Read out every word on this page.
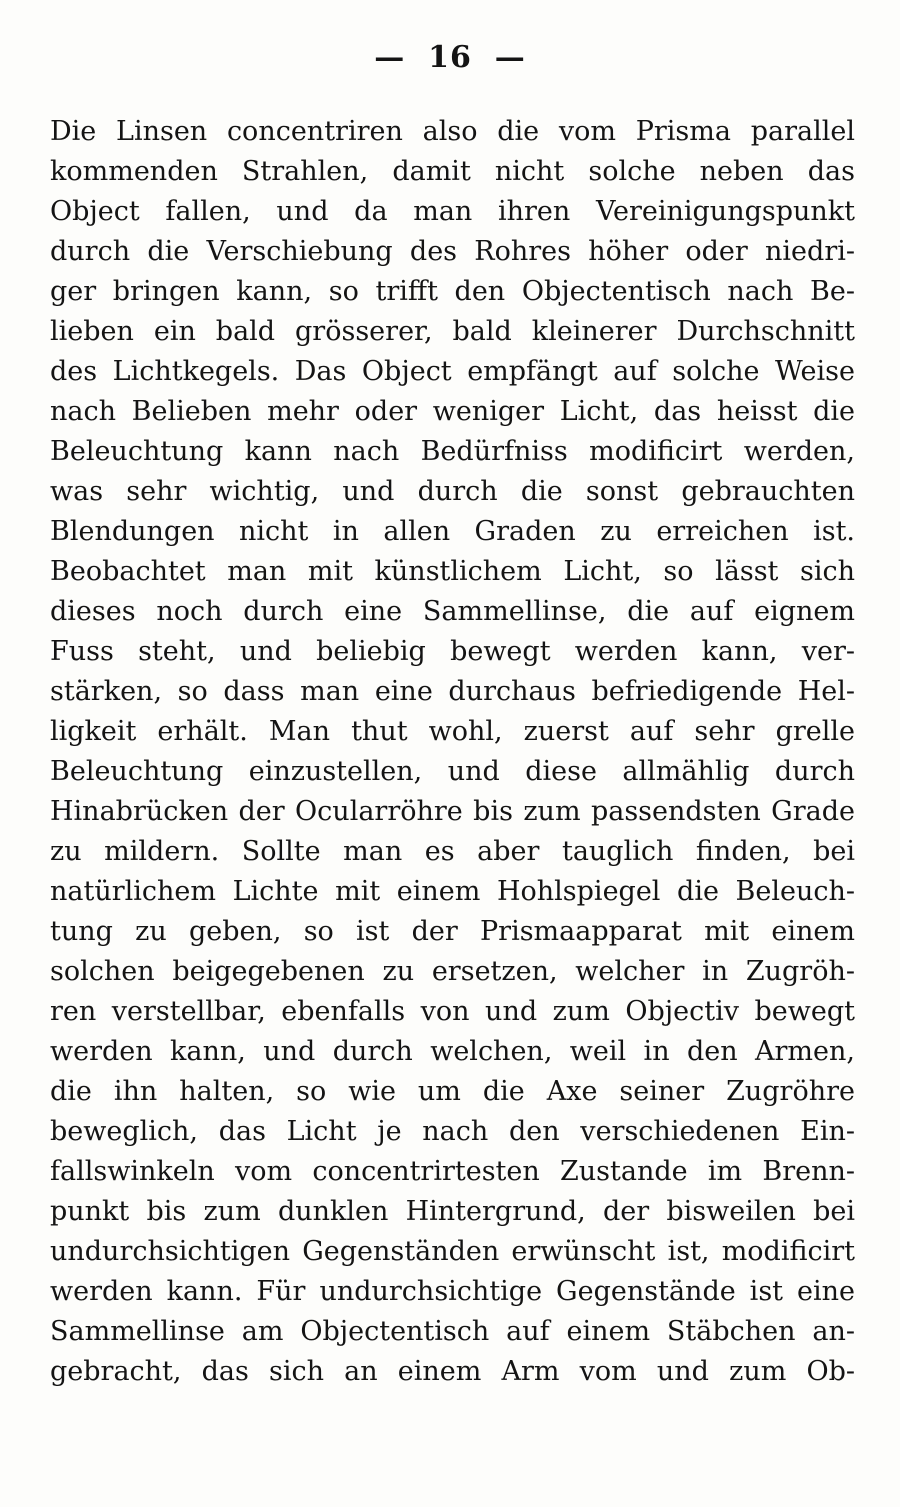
—  16  —
Die Linsen concentriren also die vom Prisma parallel
kommenden Strahlen, damit nicht solche neben das
Object fallen, und da man ihren Vereinigungspunkt
durch die Verschiebung des Rohres höher oder niedri-
ger bringen kann, so trifft den Objectentisch nach Be-
lieben ein bald grösserer, bald kleinerer Durchschnitt
des Lichtkegels. Das Object empfängt auf solche Weise
nach Belieben mehr oder weniger Licht, das heisst die
Beleuchtung kann nach Bedürfniss modificirt werden,
was sehr wichtig, und durch die sonst gebrauchten
Blendungen nicht in allen Graden zu erreichen ist.
Beobachtet man mit künstlichem Licht, so lässt sich
dieses noch durch eine Sammellinse, die auf eignem
Fuss steht, und beliebig bewegt werden kann, ver-
stärken, so dass man eine durchaus befriedigende Hel-
ligkeit erhält. Man thut wohl, zuerst auf sehr grelle
Beleuchtung einzustellen, und diese allmählig durch
Hinabrücken der Ocularröhre bis zum passendsten Grade
zu mildern. Sollte man es aber tauglich finden, bei
natürlichem Lichte mit einem Hohlspiegel die Beleuch-
tung zu geben, so ist der Prismaapparat mit einem
solchen beigegebenen zu ersetzen, welcher in Zugröh-
ren verstellbar, ebenfalls von und zum Objectiv bewegt
werden kann, und durch welchen, weil in den Armen,
die ihn halten, so wie um die Axe seiner Zugröhre
beweglich, das Licht je nach den verschiedenen Ein-
fallswinkeln vom concentrirtesten Zustande im Brenn-
punkt bis zum dunklen Hintergrund, der bisweilen bei
undurchsichtigen Gegenständen erwünscht ist, modificirt
werden kann. Für undurchsichtige Gegenstände ist eine
Sammellinse am Objectentisch auf einem Stäbchen an-
gebracht, das sich an einem Arm vom und zum Ob-
